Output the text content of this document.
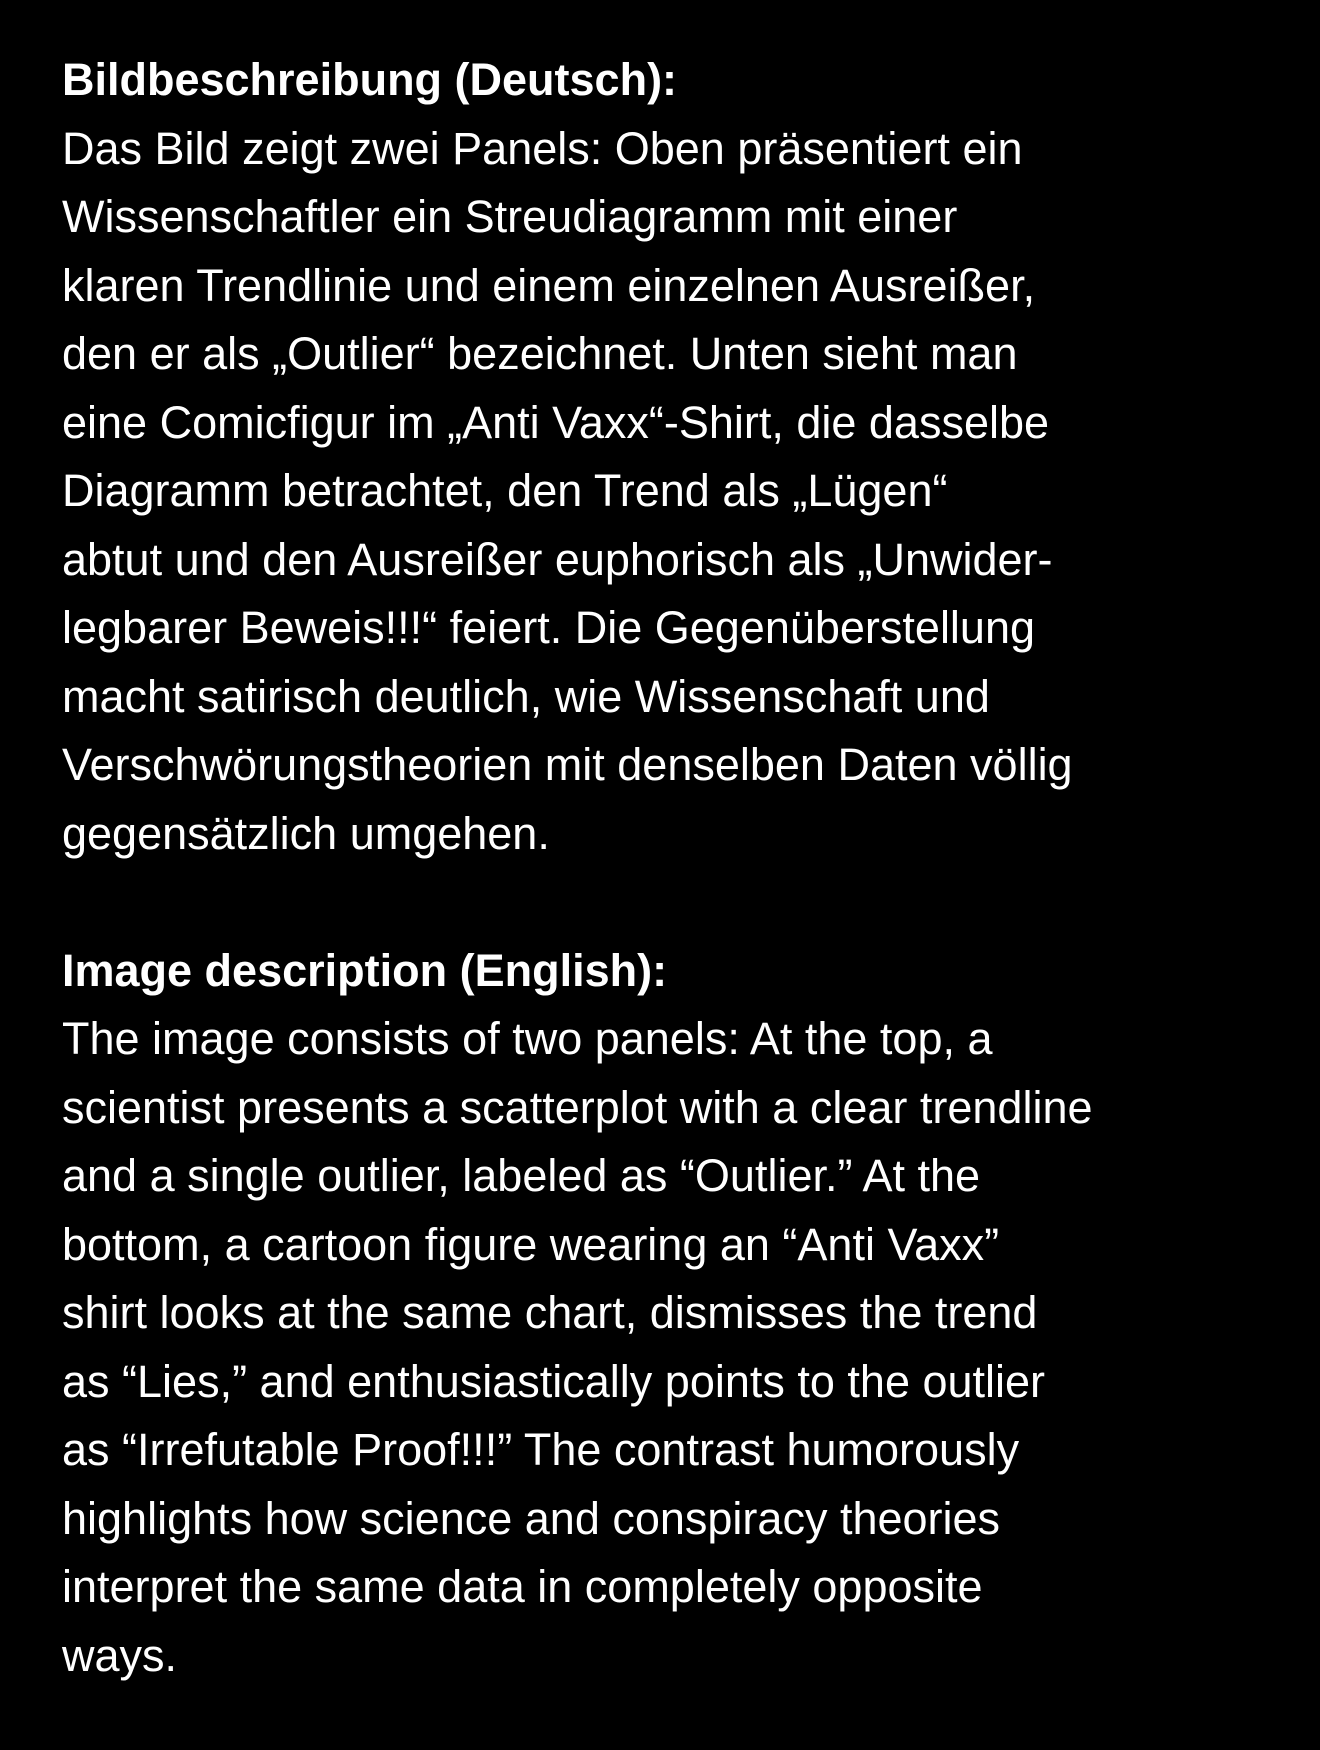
Bildbeschreibung (Deutsch):
Das Bild zeigt zwei Panels: Oben präsentiert ein
Wissenschaftler ein Streudiagramm mit einer
klaren Trendlinie und einem einzelnen Ausreißer,
den er als „Outlier“ bezeichnet. Unten sieht man
eine Comicfigur im „Anti Vaxx“-Shirt, die dasselbe
Diagramm betrachtet, den Trend als „Lügen“
abtut und den Ausreißer euphorisch als „Unwider-
legbarer Beweis!!!“ feiert. Die Gegenüberstellung
macht satirisch deutlich, wie Wissenschaft und
Verschwörungstheorien mit denselben Daten völlig
gegensätzlich umgehen.
Image description (English):
The image consists of two panels: At the top, a
scientist presents a scatterplot with a clear trendline
and a single outlier, labeled as “Outlier.” At the
bottom, a cartoon figure wearing an “Anti Vaxx”
shirt looks at the same chart, dismisses the trend
as “Lies,” and enthusiastically points to the outlier
as “Irrefutable Proof!!!” The contrast humorously
highlights how science and conspiracy theories
interpret the same data in completely opposite
ways.
